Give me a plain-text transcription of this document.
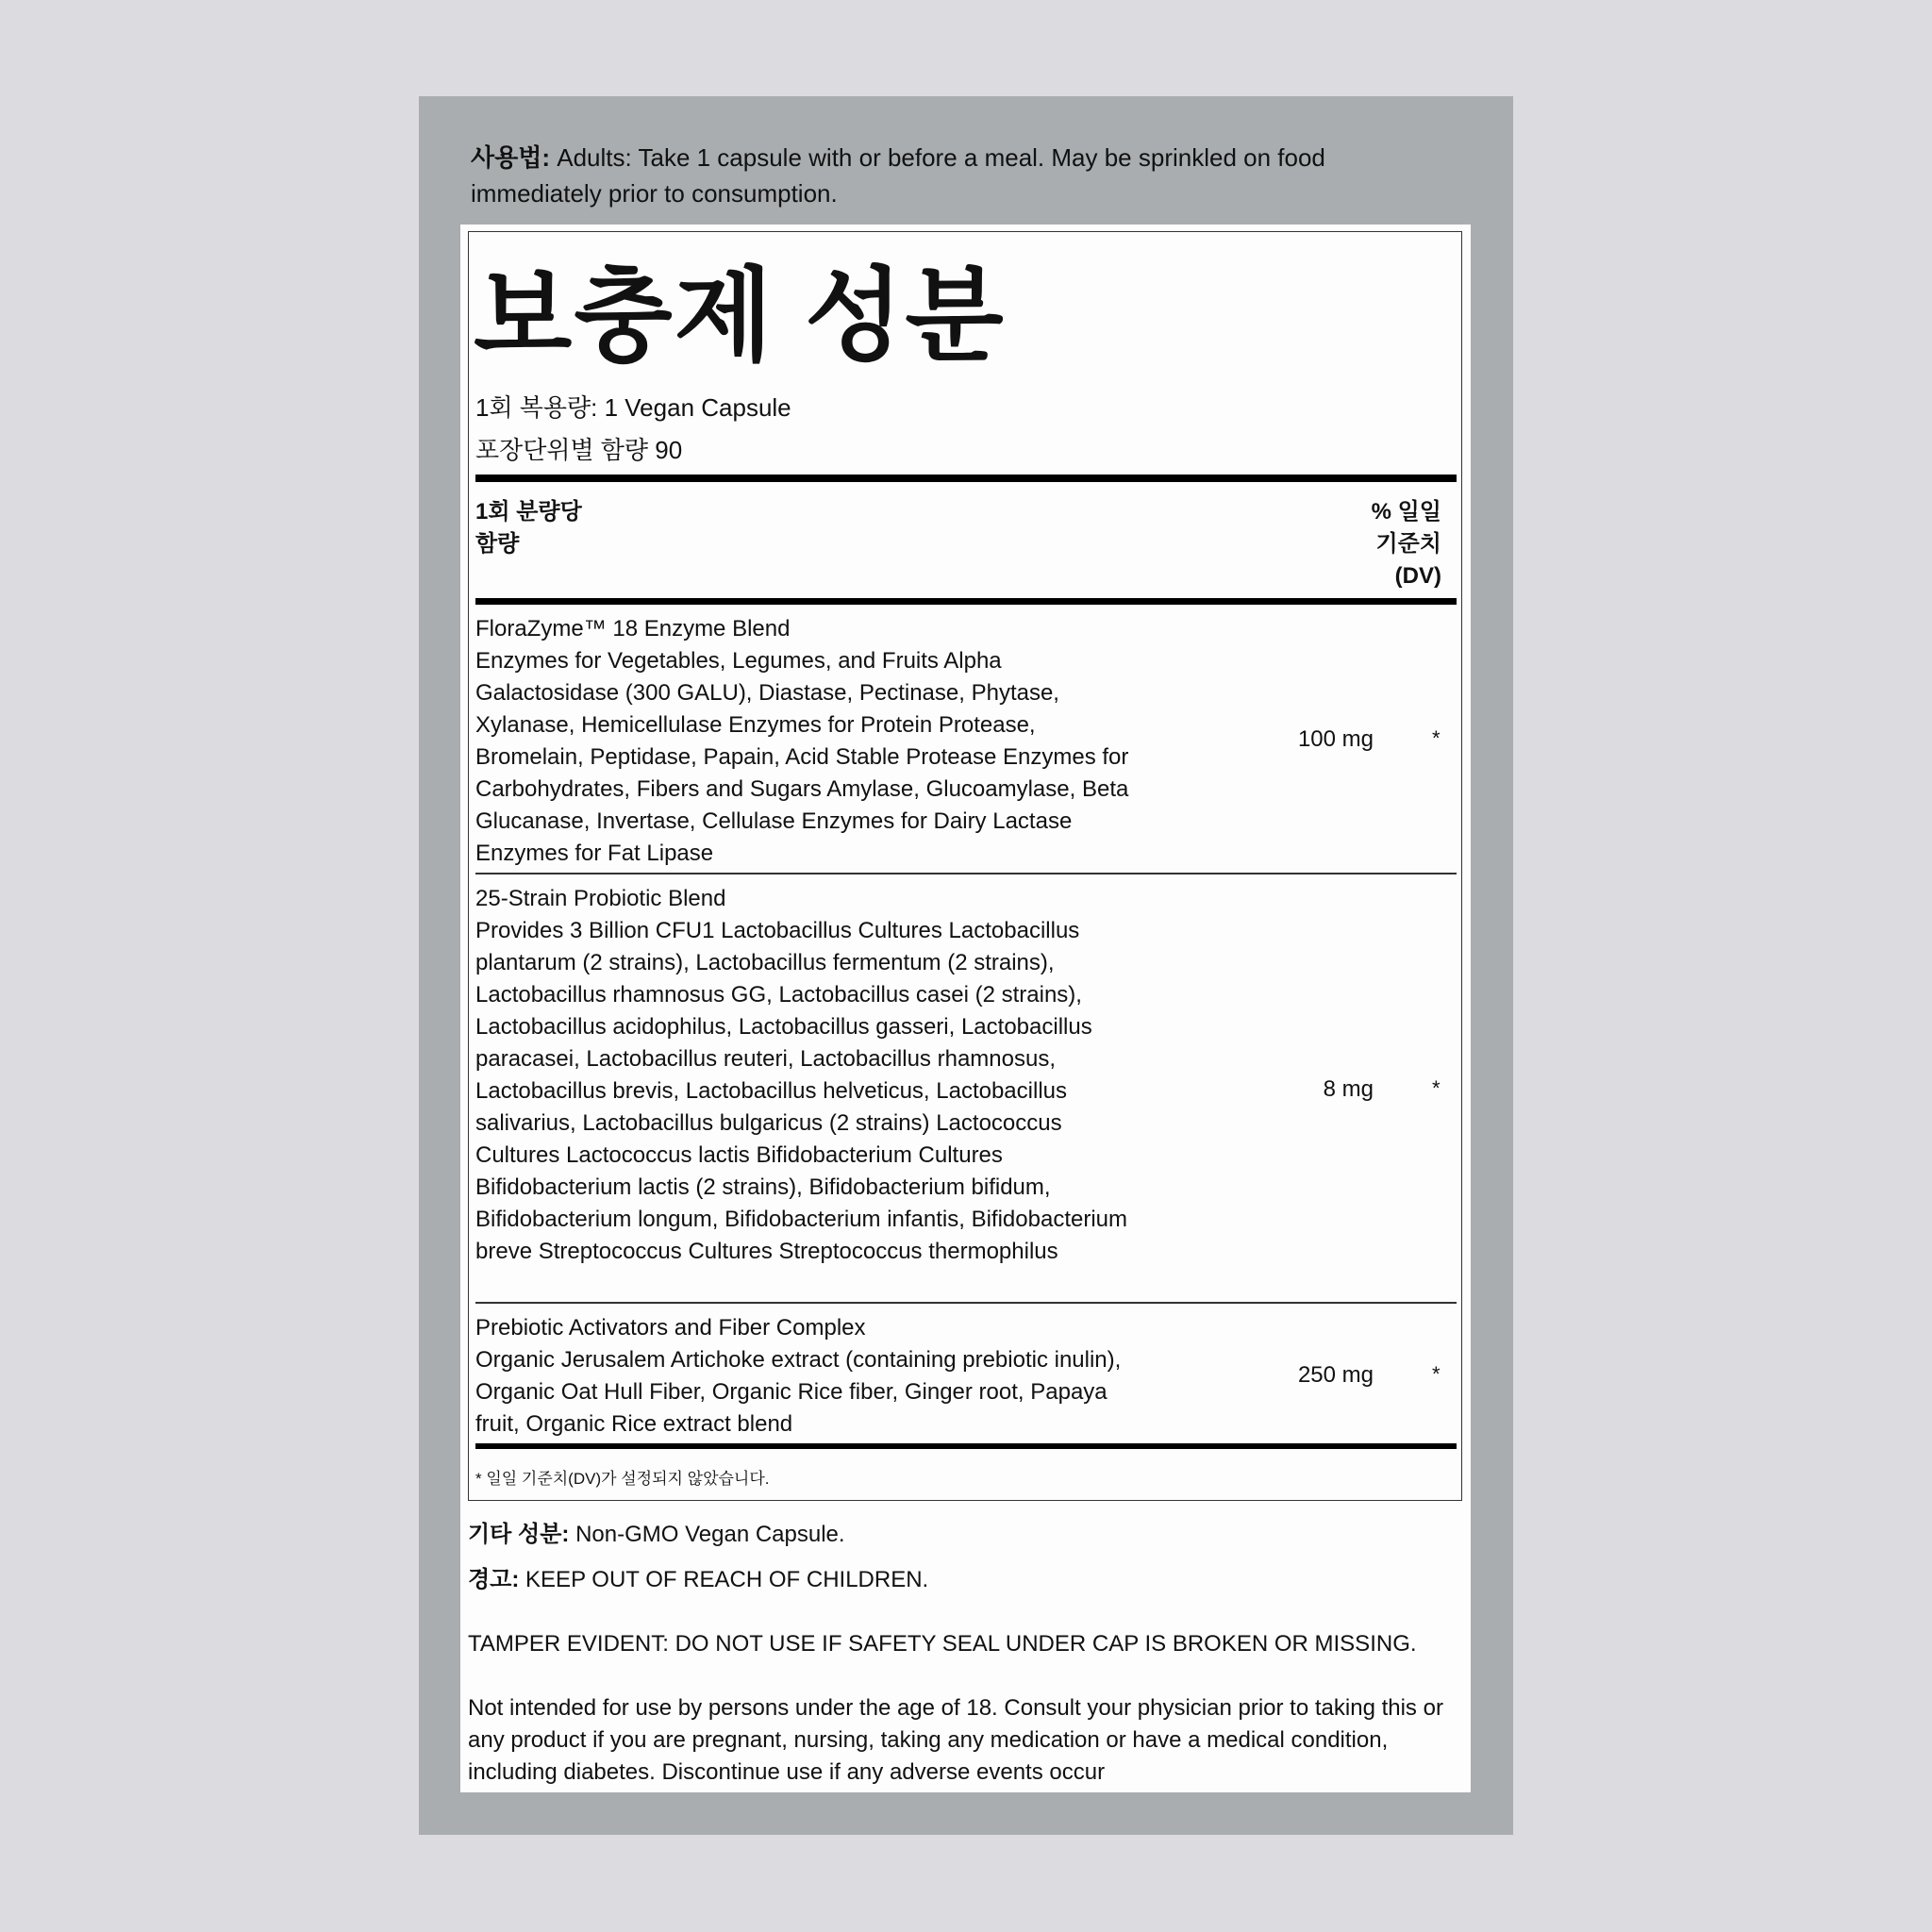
사용법: Adults: Take 1 capsule with or before a meal. May be sprinkled on food immediately prior to consumption.
보충제 성분
1회 복용량: 1 Vegan Capsule
포장단위별 함량 90
1회 분량당
함량
% 일일
기준치
(DV)
FloraZyme™ 18 Enzyme Blend
Enzymes for Vegetables, Legumes, and Fruits Alpha Galactosidase (300 GALU), Diastase, Pectinase, Phytase, Xylanase, Hemicellulase Enzymes for Protein Protease, Bromelain, Peptidase, Papain, Acid Stable Protease Enzymes for Carbohydrates, Fibers and Sugars Amylase, Glucoamylase, Beta Glucanase, Invertase, Cellulase Enzymes for Dairy Lactase Enzymes for Fat Lipase
100 mg	*
25-Strain Probiotic Blend
Provides 3 Billion CFU1 Lactobacillus Cultures Lactobacillus plantarum (2 strains), Lactobacillus fermentum (2 strains), Lactobacillus rhamnosus GG, Lactobacillus casei (2 strains), Lactobacillus acidophilus, Lactobacillus gasseri, Lactobacillus paracasei, Lactobacillus reuteri, Lactobacillus rhamnosus, Lactobacillus brevis, Lactobacillus helveticus, Lactobacillus salivarius, Lactobacillus bulgaricus (2 strains) Lactococcus Cultures Lactococcus lactis Bifidobacterium Cultures Bifidobacterium lactis (2 strains), Bifidobacterium bifidum, Bifidobacterium longum, Bifidobacterium infantis, Bifidobacterium breve Streptococcus Cultures Streptococcus thermophilus
8 mg	*
Prebiotic Activators and Fiber Complex
Organic Jerusalem Artichoke extract (containing prebiotic inulin), Organic Oat Hull Fiber, Organic Rice fiber, Ginger root, Papaya fruit, Organic Rice extract blend
250 mg	*
* 일일 기준치(DV)가 설정되지 않았습니다.
기타 성분: Non-GMO Vegan Capsule.
경고: KEEP OUT OF REACH OF CHILDREN.
TAMPER EVIDENT: DO NOT USE IF SAFETY SEAL UNDER CAP IS BROKEN OR MISSING.
Not intended for use by persons under the age of 18. Consult your physician prior to taking this or any product if you are pregnant, nursing, taking any medication or have a medical condition, including diabetes. Discontinue use if any adverse events occur
